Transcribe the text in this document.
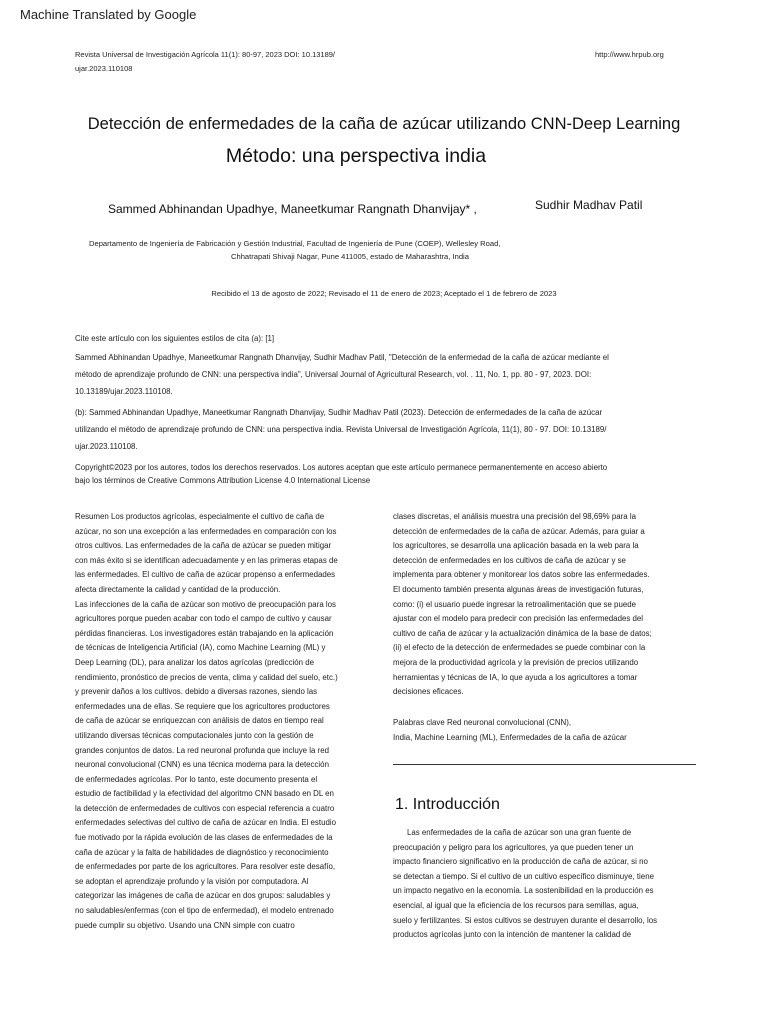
Machine Translated by Google
Revista Universal de Investigación Agrícola 11(1): 80-97, 2023 DOI: 10.13189/
ujar.2023.110108
http://www.hrpub.org
Detección de enfermedades de la caña de azúcar utilizando CNN-Deep Learning
Método: una perspectiva india
Sammed Abhinandan Upadhye, Maneetkumar Rangnath Dhanvijay* ,	Sudhir Madhav Patil
Departamento de Ingeniería de Fabricación y Gestión Industrial, Facultad de Ingeniería de Pune (COEP), Wellesley Road,
Chhatrapati Shivaji Nagar, Pune 411005, estado de Maharashtra, India
Recibido el 13 de agosto de 2022; Revisado el 11 de enero de 2023; Aceptado el 1 de febrero de 2023
Cite este artículo con los siguientes estilos de cita (a): [1]
Sammed Abhinandan Upadhye, Maneetkumar Rangnath Dhanvijay, Sudhir Madhav Patil, "Detección de la enfermedad de la caña de azúcar mediante el
método de aprendizaje profundo de CNN: una perspectiva india", Universal Journal of Agricultural Research, vol. . 11, No. 1, pp. 80 - 97, 2023. DOI:
10.13189/ujar.2023.110108.
(b): Sammed Abhinandan Upadhye, Maneetkumar Rangnath Dhanvijay, Sudhir Madhav Patil (2023). Detección de enfermedades de la caña de azúcar
utilizando el método de aprendizaje profundo de CNN: una perspectiva india. Revista Universal de Investigación Agrícola, 11(1), 80 - 97. DOI: 10.13189/
ujar.2023.110108.
Copyright©2023 por los autores, todos los derechos reservados. Los autores aceptan que este artículo permanece permanentemente en acceso abierto
bajo los términos de Creative Commons Attribution License 4.0 International License
Resumen Los productos agrícolas, especialmente el cultivo de caña de
azúcar, no son una excepción a las enfermedades en comparación con los
otros cultivos. Las enfermedades de la caña de azúcar se pueden mitigar
con más éxito si se identifican adecuadamente y en las primeras etapas de
las enfermedades. El cultivo de caña de azúcar propenso a enfermedades
afecta directamente la calidad y cantidad de la producción.
Las infecciones de la caña de azúcar son motivo de preocupación para los
agricultores porque pueden acabar con todo el campo de cultivo y causar
pérdidas financieras. Los investigadores están trabajando en la aplicación
de técnicas de Inteligencia Artificial (IA), como Machine Learning (ML) y
Deep Learning (DL), para analizar los datos agrícolas (predicción de
rendimiento, pronóstico de precios de venta, clima y calidad del suelo, etc.)
y prevenir daños a los cultivos. debido a diversas razones, siendo las
enfermedades una de ellas. Se requiere que los agricultores productores
de caña de azúcar se enriquezcan con análisis de datos en tiempo real
utilizando diversas técnicas computacionales junto con la gestión de
grandes conjuntos de datos. La red neuronal profunda que incluye la red
neuronal convolucional (CNN) es una técnica moderna para la detección
de enfermedades agrícolas. Por lo tanto, este documento presenta el
estudio de factibilidad y la efectividad del algoritmo CNN basado en DL en
la detección de enfermedades de cultivos con especial referencia a cuatro
enfermedades selectivas del cultivo de caña de azúcar en India. El estudio
fue motivado por la rápida evolución de las clases de enfermedades de la
caña de azúcar y la falta de habilidades de diagnóstico y reconocimiento
de enfermedades por parte de los agricultores. Para resolver este desafío,
se adoptan el aprendizaje profundo y la visión por computadora. Al
categorizar las imágenes de caña de azúcar en dos grupos: saludables y
no saludables/enfermas (con el tipo de enfermedad), el modelo entrenado
puede cumplir su objetivo. Usando una CNN simple con cuatro
clases discretas, el análisis muestra una precisión del 98,69% para la
detección de enfermedades de la caña de azúcar. Además, para guiar a
los agricultores, se desarrolla una aplicación basada en la web para la
detección de enfermedades en los cultivos de caña de azúcar y se
implementa para obtener y monitorear los datos sobre las enfermedades.
El documento también presenta algunas áreas de investigación futuras,
como: (i) el usuario puede ingresar la retroalimentación que se puede
ajustar con el modelo para predecir con precisión las enfermedades del
cultivo de caña de azúcar y la actualización dinámica de la base de datos;
(ii) el efecto de la detección de enfermedades se puede combinar con la
mejora de la productividad agrícola y la previsión de precios utilizando
herramientas y técnicas de IA, lo que ayuda a los agricultores a tomar
decisiones eficaces.
Palabras clave Red neuronal convolucional (CNN),
India, Machine Learning (ML), Enfermedades de la caña de azúcar
1. Introducción
Las enfermedades de la caña de azúcar son una gran fuente de
preocupación y peligro para los agricultores, ya que pueden tener un
impacto financiero significativo en la producción de caña de azúcar, si no
se detectan a tiempo. Si el cultivo de un cultivo específico disminuye, tiene
un impacto negativo en la economía. La sostenibilidad en la producción es
esencial, al igual que la eficiencia de los recursos para semillas, agua,
suelo y fertilizantes. Si estos cultivos se destruyen durante el desarrollo, los
productos agrícolas junto con la intención de mantener la calidad de
